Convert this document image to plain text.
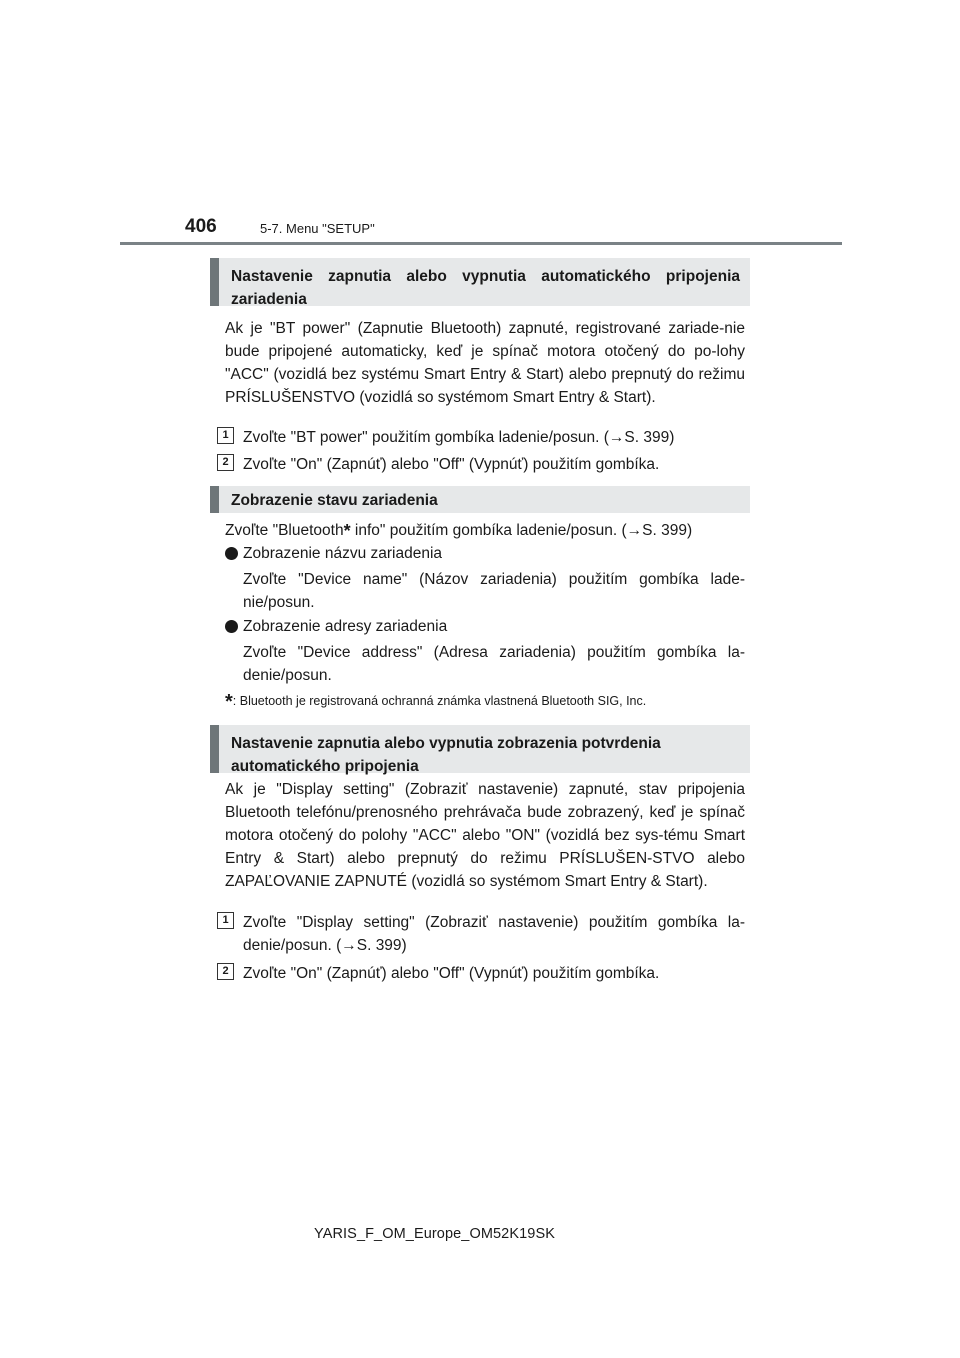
406	5-7. Menu "SETUP"
Nastavenie zapnutia alebo vypnutia automatického pripojenia zariadenia

Ak je "BT power" (Zapnutie Bluetooth) zapnuté, registrované zariade-nie bude pripojené automaticky, keď je spínač motora otočený do po-lohy "ACC" (vozidlá bez systému Smart Entry & Start) alebo prepnutý do režimu PRÍSLUŠENSTVO (vozidlá so systémom Smart Entry & Start).

1 Zvoľte "BT power" použitím gombíka ladenie/posun. (→S. 399)
2 Zvoľte "On" (Zapnúť) alebo "Off" (Vypnúť) použitím gombíka.
Zobrazenie stavu zariadenia
Zvoľte "Bluetooth* info" použitím gombíka ladenie/posun. (→S. 399)
Zobrazenie názvu zariadenia
Zvoľte "Device name" (Názov zariadenia) použitím gombíka lade-nie/posun.
Zobrazenie adresy zariadenia
Zvoľte "Device address" (Adresa zariadenia) použitím gombíka la-denie/posun.
*: Bluetooth je registrovaná ochranná známka vlastnená Bluetooth SIG, Inc.
Nastavenie zapnutia alebo vypnutia zobrazenia potvrdenia automatického pripojenia

Ak je "Display setting" (Zobraziť nastavenie) zapnuté, stav pripojenia Bluetooth telefónu/prenosného prehrávača bude zobrazený, keď je spínač motora otočený do polohy "ACC" alebo "ON" (vozidlá bez sys-tému Smart Entry & Start) alebo prepnutý do režimu PRÍSLUŠEN-STVO alebo ZAPAĽOVANIE ZAPNUTÉ (vozidlá so systémom Smart Entry & Start).

1 Zvoľte "Display setting" (Zobraziť nastavenie) použitím gombíka la-denie/posun. (→S. 399)
2 Zvoľte "On" (Zapnúť) alebo "Off" (Vypnúť) použitím gombíka.
YARIS_F_OM_Europe_OM52K19SK
